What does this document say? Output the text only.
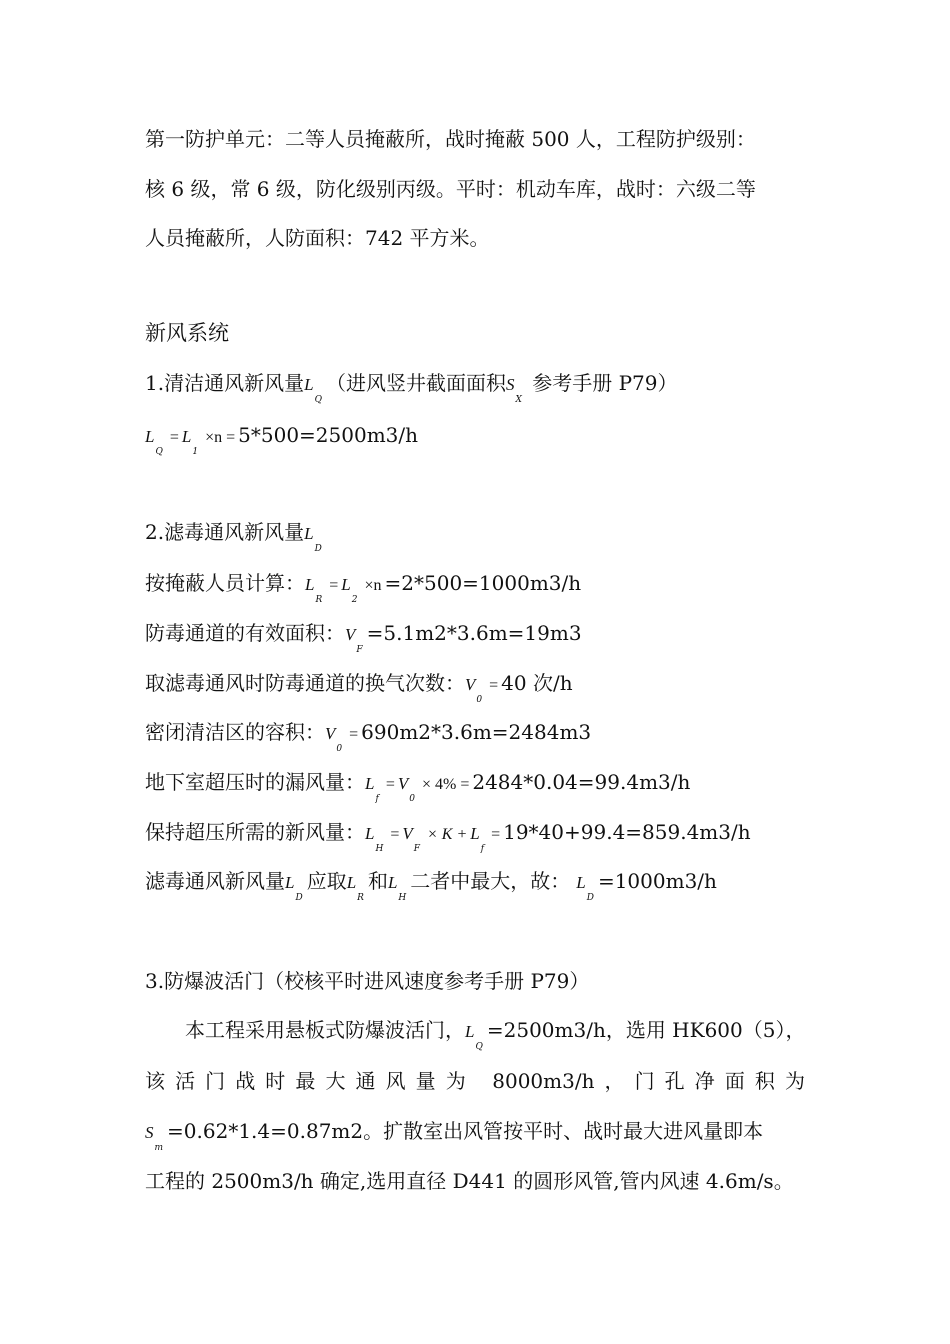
第一防护单元：二等人员掩蔽所，战时掩蔽 500 人，工程防护级别：
核 6 级，常 6 级，防化级别丙级。平时：机动车库，战时：六级二等
人员掩蔽所，人防面积：742 平方米。
新风系统
1.清洁通风新风量$L_Q$（进风竖井截面面积$S_X$ 参考手册 P79）
$L_Q= L_1\times n = 5*500=2500m3/h$
2.滤毒通风新风量$L_D$
按掩蔽人员计算：$L_R= L_2\times n =2*500=1000m3/h$
防毒通道的有效面积：$V_F=5.1m2*3.6m=19m3$
取滤毒通风时防毒通道的换气次数：$V_0= 40$ 次/h
密闭清洁区的容积：$V_0= 690m2*3.6m=2484m3$
地下室超压时的漏风量：$L_f= V_0\times 4\% = 2484*0.04=99.4m3/h$
保持超压所需的新风量：$L_H= V_F\times K + L_f= 19*40+99.4=859.4m3/h$
滤毒通风新风量$L_D$应取$L_R$和$L_H$二者中最大，故： $L_D=1000m3/h$
3.防爆波活门（校核平时进风速度参考手册 P79）
本工程采用悬板式防爆波活门，$L_Q=2500m3/h$，选用 HK600（5），
该活门战时最大通风量为 8000m3/h，门孔净面积为
$S_m=0.62*1.4=0.87m2$。扩散室出风管按平时、战时最大进风量即本
工程的 2500m3/h 确定,选用直径 D441 的圆形风管,管内风速 4.6m/s。
